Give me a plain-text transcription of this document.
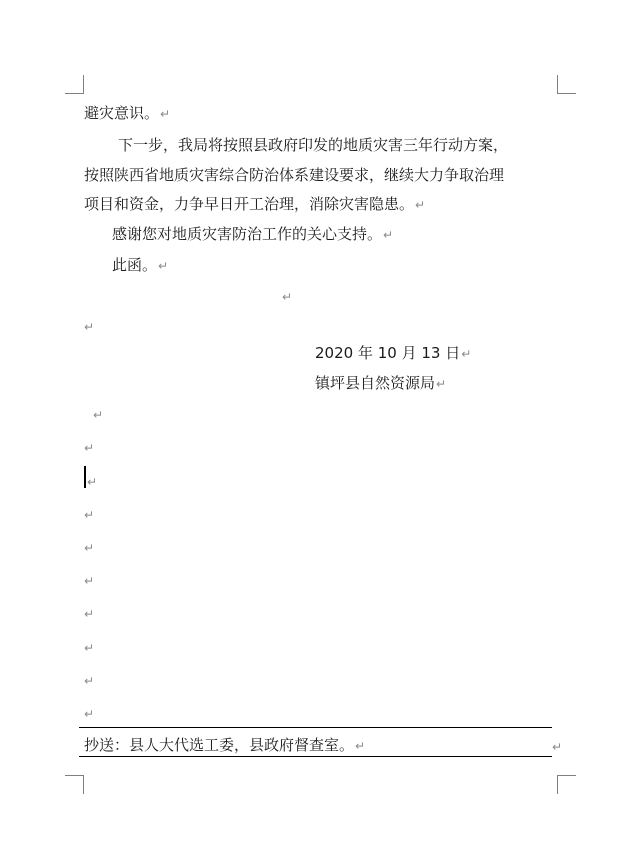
避灾意识。↵
下一步，我局将按照县政府印发的地质灾害三年行动方案，
按照陕西省地质灾害综合防治体系建设要求，继续大力争取治理
项目和资金，力争早日开工治理，消除灾害隐患。↵
感谢您对地质灾害防治工作的关心支持。↵
此函。↵
↵
↵
2020 年 10 月 13 日↵
镇坪县自然资源局↵
↵
↵
↵
↵
↵
↵
↵
↵
↵
↵
抄送：县人大代选工委，县政府督查室。↵	↵
